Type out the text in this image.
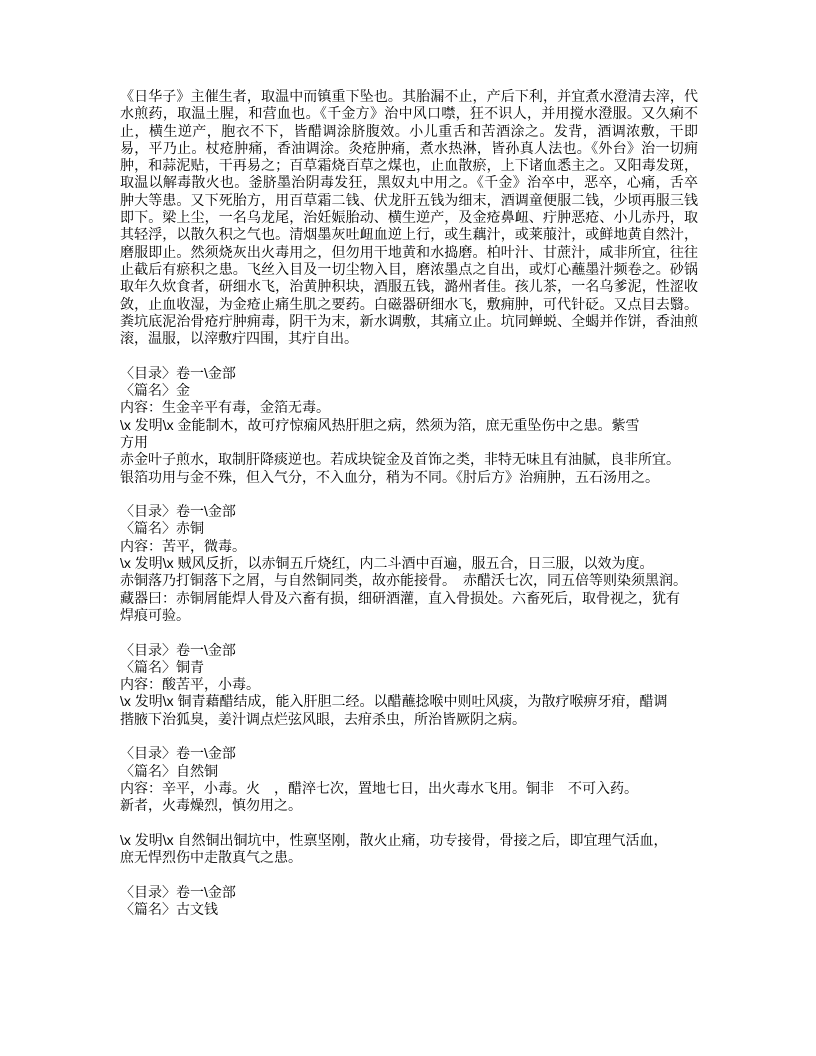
《日华子》主催生者，取温中而镇重下坠也。其胎漏不止，产后下利，并宜煮水澄清去滓，代水煎药，取温土腥，和营血也。《千金方》治中风口噤，狂不识人，并用搅水澄服。又久痢不止，横生逆产，胞衣不下，皆醋调涂脐腹效。小儿重舌和苦酒涂之。发背，酒调浓敷，干即易，平乃止。杖疮肿痛，香油调涂。灸疮肿痛，煮水热淋，皆孙真人法也。《外台》治一切痈肿，和蒜泥贴，干再易之；百草霜烧百草之煤也，止血散瘀，上下诸血悉主之。又阳毒发斑，取温以解毒散火也。釜脐墨治阴毒发狂，黑奴丸中用之。《千金》治卒中，恶卒，心痛，舌卒肿大等患。又下死胎方，用百草霜二钱、伏龙肝五钱为细末，酒调童便服二钱，少顷再服三钱即下。梁上尘，一名乌龙尾，治妊娠胎动、横生逆产，及金疮鼻衄、疔肿恶疮、小儿赤丹，取其轻浮，以散久积之气也。清烟墨灰吐衄血逆上行，或生藕汁，或莱菔汁，或鲜地黄自然汁，磨服即止。然须烧灰出火毒用之，但勿用干地黄和水捣磨。柏叶汁、甘蔗汁，咸非所宜，往往止截后有瘀积之患。飞丝入目及一切尘物入目，磨浓墨点之自出，或灯心蘸墨汁频卷之。砂锅取年久炊食者，研细水飞，治黄肿积块，酒服五钱，潞州者佳。孩儿茶，一名乌爹泥，性涩收敛，止血收湿，为金疮止痛生肌之要药。白磁器研细水飞，敷痈肿，可代针砭。又点目去翳。粪坑底泥治骨疮疔肿痈毒，阴干为末，新水调敷，其痛立止。坑同蝉蜕、全蝎并作饼，香油煎滚，温服，以滓敷疔四围，其疔自出。

〈目录〉卷一\金部
〈篇名〉金
内容：生金辛平有毒，金箔无毒。
\x 发明\x 金能制木，故可疗惊痫风热肝胆之病，然须为箔，庶无重坠伤中之患。紫雪
方用
赤金叶子煎水，取制肝降痰逆也。若成块锭金及首饰之类，非特无味且有油腻，良非所宜。
银箔功用与金不殊，但入气分，不入血分，稍为不同。《肘后方》治痈肿，五石汤用之。
〈目录〉卷一\金部
〈篇名〉赤铜
内容：苦平，微毒。
\x 发明\x 贼风反折，以赤铜五斤烧红，内二斗酒中百遍，服五合，日三服，以效为度。
赤铜落乃打铜落下之屑，与自然铜同类，故亦能接骨。　赤醋沃七次，同五倍等则染须黑润。
藏器曰：赤铜屑能焊人骨及六畜有损，细研酒灌，直入骨损处。六畜死后，取骨视之，犹有
焊痕可验。
〈目录〉卷一\金部
〈篇名〉铜青
内容：酸苦平，小毒。
\x 发明\x 铜青藉醋结成，能入肝胆二经。以醋蘸捻喉中则吐风痰，为散疗喉痹牙疳，醋调
揩腋下治狐臭，姜汁调点烂弦风眼，去疳杀虫，所治皆厥阴之病。
〈目录〉卷一\金部
〈篇名〉自然铜
内容：辛平，小毒。火　，醋淬七次，置地七日，出火毒水飞用。铜非　不可入药。
新者，火毒燥烈，慎勿用之。

\x 发明\x 自然铜出铜坑中，性禀坚刚，散火止痛，功专接骨，骨接之后，即宜理气活血，
庶无悍烈伤中走散真气之患。
〈目录〉卷一\金部
〈篇名〉古文钱
